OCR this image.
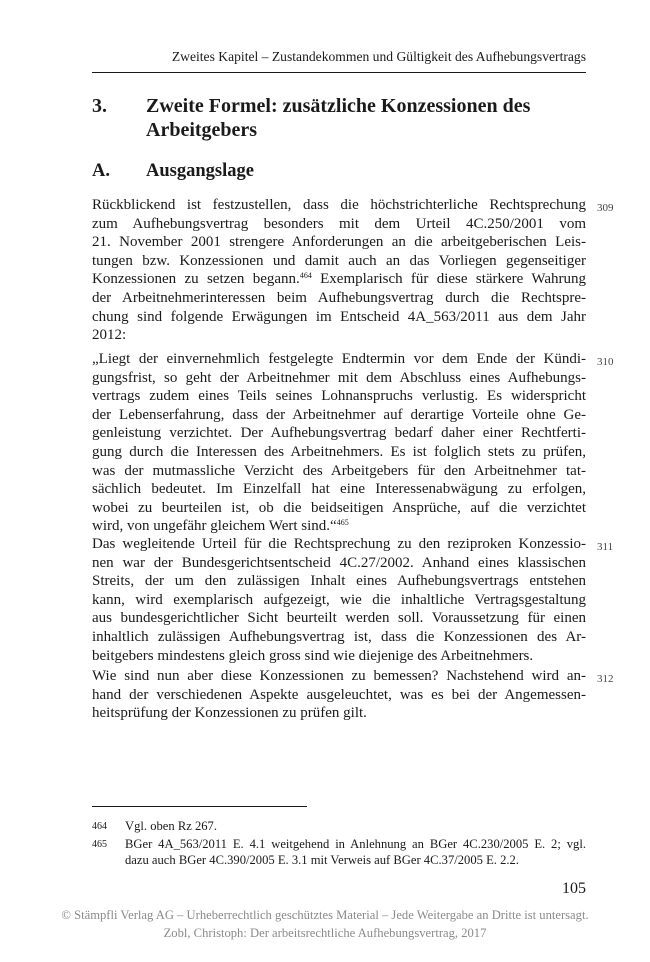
Zweites Kapitel – Zustandekommen und Gültigkeit des Aufhebungsvertrags
3. Zweite Formel: zusätzliche Konzessionen des
Arbeitgebers
A. Ausgangslage
Rückblickend ist festzustellen, dass die höchstrichterliche Rechtsprechung
zum Aufhebungsvertrag besonders mit dem Urteil 4C.250/2001 vom
21. November 2001 strengere Anforderungen an die arbeitgeberischen Leis-
tungen bzw. Konzessionen und damit auch an das Vorliegen gegenseitiger
Konzessionen zu setzen begann.$^{464}$ Exemplarisch für diese stärkere Wahrung
der Arbeitnehmerinteressen beim Aufhebungsvertrag durch die Rechtspre-
chung sind folgende Erwägungen im Entscheid 4A_563/2011 aus dem Jahr
2012:
309
„Liegt der einvernehmlich festgelegte Endtermin vor dem Ende der Kündi-
gungsfrist, so geht der Arbeitnehmer mit dem Abschluss eines Aufhebungs-
vertrags zudem eines Teils seines Lohnanspruchs verlustig. Es widerspricht
der Lebenserfahrung, dass der Arbeitnehmer auf derartige Vorteile ohne Ge-
genleistung verzichtet. Der Aufhebungsvertrag bedarf daher einer Rechtferti-
gung durch die Interessen des Arbeitnehmers. Es ist folglich stets zu prüfen,
was der mutmassliche Verzicht des Arbeitgebers für den Arbeitnehmer tat-
sächlich bedeutet. Im Einzelfall hat eine Interessenabwägung zu erfolgen,
wobei zu beurteilen ist, ob die beidseitigen Ansprüche, auf die verzichtet
wird, von ungefähr gleichem Wert sind.“$^{465}$
310
Das wegleitende Urteil für die Rechtsprechung zu den reziproken Konzessio-
nen war der Bundesgerichtsentscheid 4C.27/2002. Anhand eines klassischen
Streits, der um den zulässigen Inhalt eines Aufhebungsvertrags entstehen
kann, wird exemplarisch aufgezeigt, wie die inhaltliche Vertragsgestaltung
aus bundesgerichtlicher Sicht beurteilt werden soll. Voraussetzung für einen
inhaltlich zulässigen Aufhebungsvertrag ist, dass die Konzessionen des Ar-
beitgebers mindestens gleich gross sind wie diejenige des Arbeitnehmers.
311
Wie sind nun aber diese Konzessionen zu bemessen? Nachstehend wird an-
hand der verschiedenen Aspekte ausgeleuchtet, was es bei der Angemessen-
heitsprüfung der Konzessionen zu prüfen gilt.
312
464 Vgl. oben Rz 267.
465 BGer 4A_563/2011 E. 4.1 weitgehend in Anlehnung an BGer 4C.230/2005 E. 2; vgl.
dazu auch BGer 4C.390/2005 E. 3.1 mit Verweis auf BGer 4C.37/2005 E. 2.2.
105
© Stämpfli Verlag AG – Urheberrechtlich geschütztes Material – Jede Weitergabe an Dritte ist untersagt.
Zobl, Christoph: Der arbeitsrechtliche Aufhebungsvertrag, 2017
